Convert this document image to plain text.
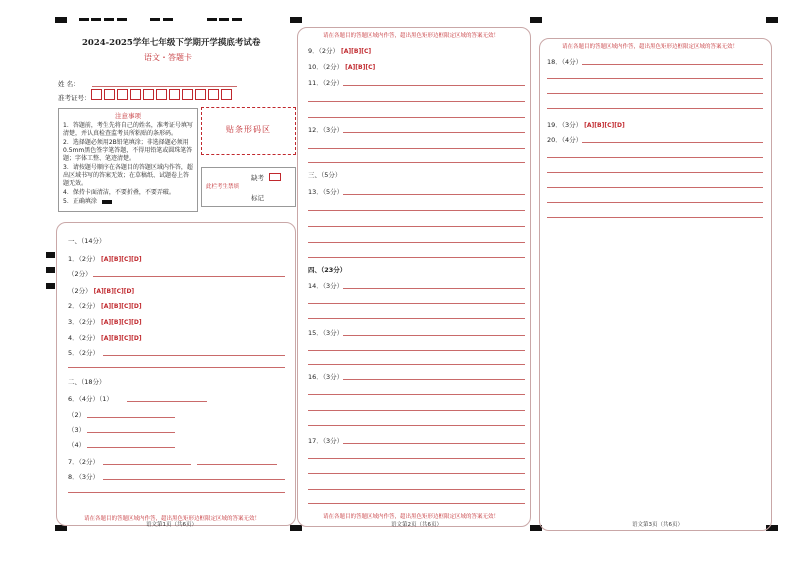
2024-2025学年七年级下学期开学摸底考试卷
语文・答题卡
姓 名：
准考证号：
注意事项
1．答题前，考生先将自己的姓名，准考证号填写清楚，并认真检查监考员所粘贴的条形码。
2．选择题必须用2B铅笔填涂；非选择题必须用0.5mm黑色签字笔答题，不得用铅笔或圆珠笔答题；字体工整、笔迹清楚。
3．请按题号顺序在各题目的答题区域内作答，超出区域书写的答案无效；在草稿纸、试题卷上答题无效。
4．保持卡面清洁，不要折叠，不要弄破。
5．正确填涂
贴条形码区
缺考
此栏考生禁填
标记
一、（14分）
1．（2分） [A][B][C][D]
（2分）
（2分） [A][B][C][D]
2．（2分） [A][B][C][D]
3．（2分） [A][B][C][D]
4．（2分） [A][B][C][D]
5．（2分）
二、（18分）
6．（4分）（1）
（2）
（3）
（4）
7．（2分）
8．（3分）
请在各题目的答题区域内作答，超出黑色矩形边框限定区域的答案无效！
语文第1页（共6页）
请在各题目的答题区域内作答，超出黑色矩形边框限定区域的答案无效！
9．（2分） [A][B][C]
10．（2分） [A][B][C]
11．（2分）
12．（3分）
三、（5分）
13．（5分）
四、（23分）
14．（3分）
15．（3分）
16．（3分）
17．（3分）
请在各题目的答题区域内作答，超出黑色矩形边框限定区域的答案无效！
语文第2页（共6页）
请在各题目的答题区域内作答，超出黑色矩形边框限定区域的答案无效！
18．（4分）
19．（3分） [A][B][C][D]
20．（4分）
语文第3页（共6页）
